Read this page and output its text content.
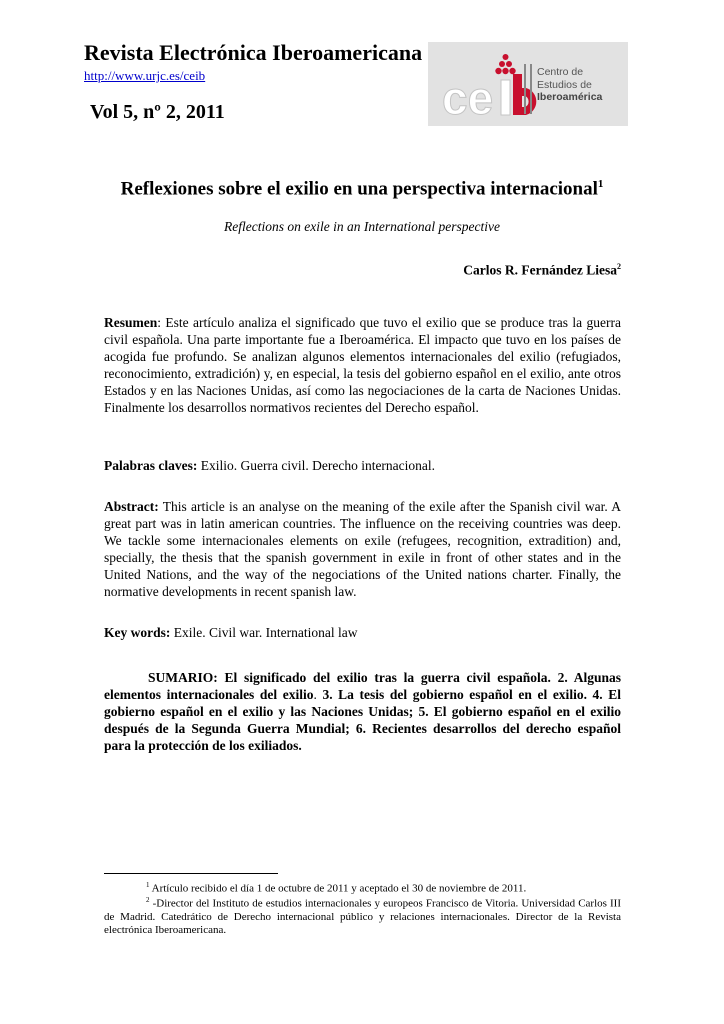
Revista Electrónica Iberoamericana
http://www.urjc.es/ceib
Vol 5, nº 2, 2011	ce	Centro de
Estudios de
Iberoamérica
Reflexiones sobre el exilio en una perspectiva internacional$^1$
Reflections on exile in an International perspective
Carlos R. Fernández Liesa$^2$

Resumen: Este artículo analiza el significado que tuvo el exilio que se produce tras la guerra civil española. Una parte importante fue a Iberoamérica. El impacto que tuvo en los países de acogida fue profundo. Se analizan algunos elementos internacionales del exilio (refugiados, reconocimiento, extradición) y, en especial, la tesis del gobierno español en el exilio, ante otros Estados y en las Naciones Unidas, así como las negociaciones de la carta de Naciones Unidas. Finalmente los desarrollos normativos recientes del Derecho español.

Palabras claves: Exilio. Guerra civil. Derecho internacional.

Abstract: This article is an analyse on the meaning of the exile after the Spanish civil war. A great part was in latin american countries. The influence on the receiving countries was deep. We tackle some internacionales elements on exile (refugees, recognition, extradition) and, specially, the thesis that the spanish government in exile in front of other states and in the United Nations, and the way of the negociations of the United nations charter. Finally, the normative developments in recent spanish law.

Key words: Exile. Civil war. International law

SUMARIO: El significado del exilio tras la guerra civil española. 2. Algunas elementos internacionales del exilio. 3. La tesis del gobierno español en el exilio. 4. El gobierno español en el exilio y las Naciones Unidas; 5. El gobierno español en el exilio después de la Segunda Guerra Mundial; 6. Recientes desarrollos del derecho español para la protección de los exiliados.

$^1$ Artículo recibido el día 1 de octubre de 2011 y aceptado el 30 de noviembre de 2011.

$^2$ -Director del Instituto de estudios internacionales y europeos Francisco de Vitoria. Universidad Carlos III de Madrid. Catedrático de Derecho internacional público y relaciones internacionales. Director de la Revista electrónica Iberoamericana.
